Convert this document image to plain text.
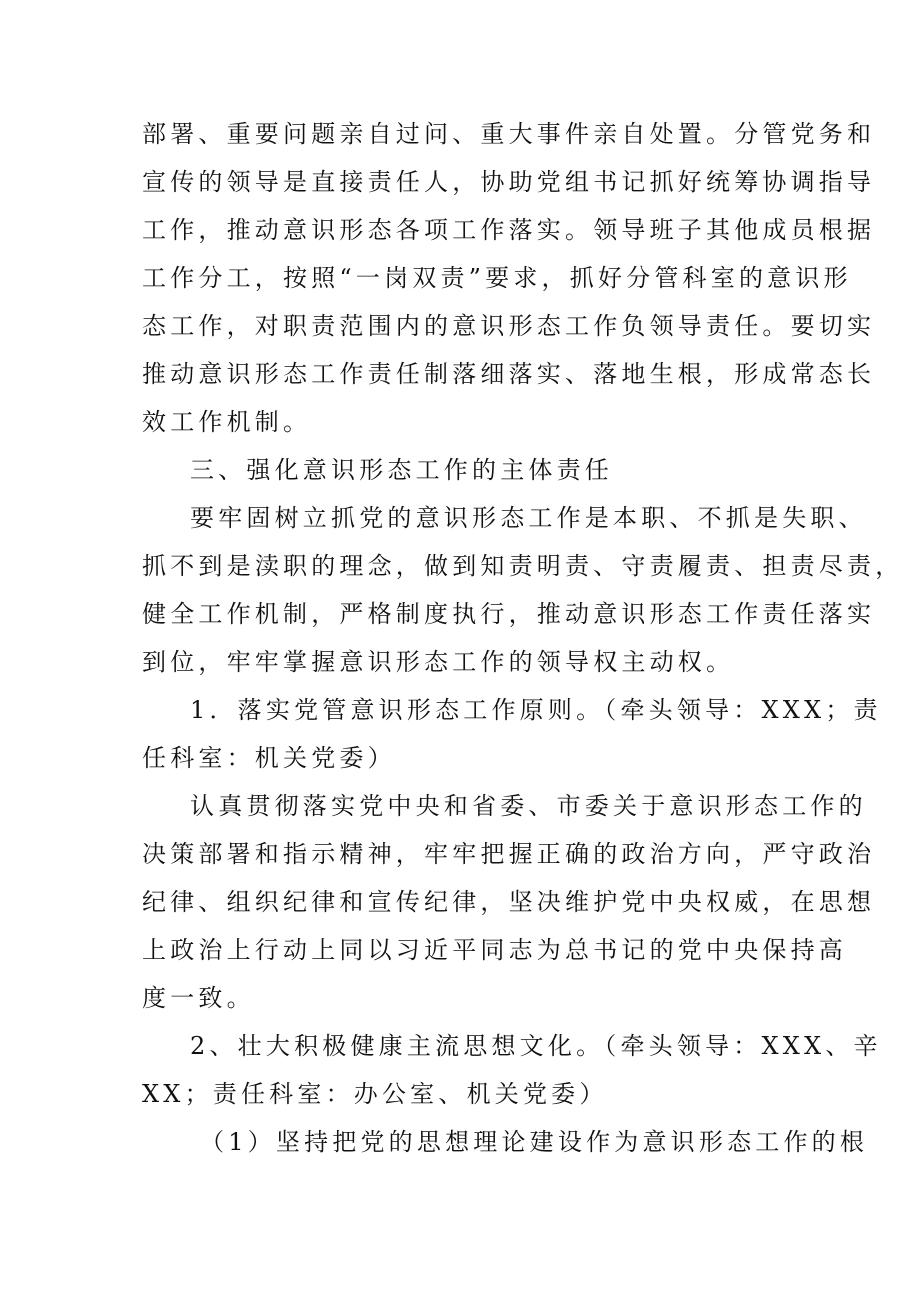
部署、重要问题亲自过问、重大事件亲自处置。分管党务和
宣传的领导是直接责任人，协助党组书记抓好统筹协调指导
工作，推动意识形态各项工作落实。领导班子其他成员根据
工作分工，按照“一岗双责”要求，抓好分管科室的意识形
态工作，对职责范围内的意识形态工作负领导责任。要切实
推动意识形态工作责任制落细落实、落地生根，形成常态长
效工作机制。
三、强化意识形态工作的主体责任
要牢固树立抓党的意识形态工作是本职、不抓是失职、
抓不到是渎职的理念，做到知责明责、守责履责、担责尽责，
健全工作机制，严格制度执行，推动意识形态工作责任落实
到位，牢牢掌握意识形态工作的领导权主动权。
1．落实党管意识形态工作原则。（牵头领导：XXX；责
任科室：机关党委）
认真贯彻落实党中央和省委、市委关于意识形态工作的
决策部署和指示精神，牢牢把握正确的政治方向，严守政治
纪律、组织纪律和宣传纪律，坚决维护党中央权威，在思想
上政治上行动上同以习近平同志为总书记的党中央保持高
度一致。
2、壮大积极健康主流思想文化。（牵头领导：XXX、辛
XX；责任科室：办公室、机关党委）
（1）坚持把党的思想理论建设作为意识形态工作的根
